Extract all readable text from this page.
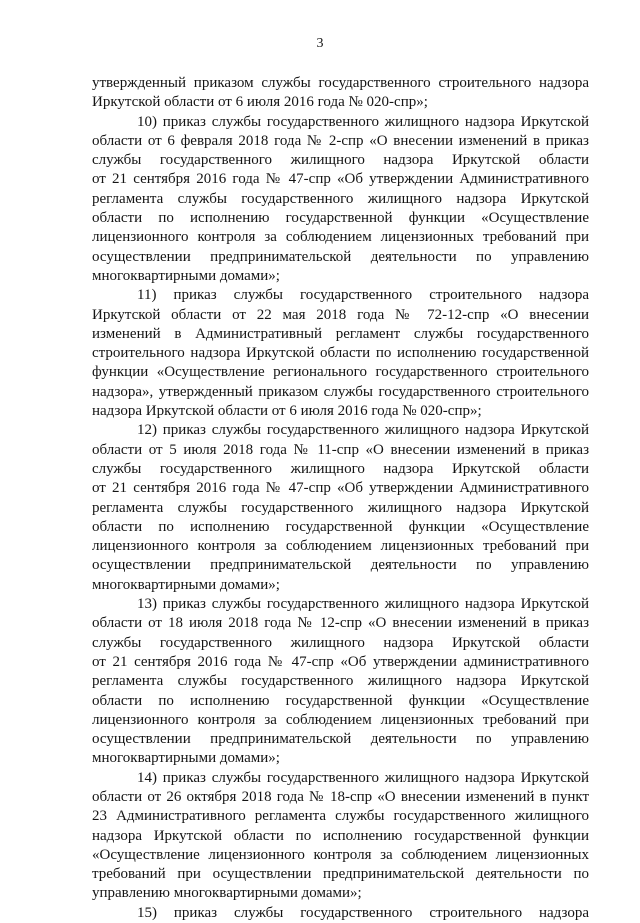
3

утвержденный приказом службы государственного строительного надзора
Иркутской области от 6 июля 2016 года № 020-спр»;

10) приказ службы государственного жилищного надзора Иркутской
области от 6 февраля 2018 года № 2-спр «О внесении изменений в приказ
службы государственного жилищного надзора Иркутской области
от 21 сентября 2016 года № 47-спр «Об утверждении Административного
регламента службы государственного жилищного надзора Иркутской
области по исполнению государственной функции «Осуществление
лицензионного контроля за соблюдением лицензионных требований при
осуществлении предпринимательской деятельности по управлению
многоквартирными домами»;

11) приказ службы государственного строительного надзора
Иркутской области от 22 мая 2018 года № 72-12-спр «О внесении
изменений в Административный регламент службы государственного
строительного надзора Иркутской области по исполнению государственной
функции «Осуществление регионального государственного строительного
надзора», утвержденный приказом службы государственного строительного
надзора Иркутской области от 6 июля 2016 года № 020-спр»;

12) приказ службы государственного жилищного надзора Иркутской
области от 5 июля 2018 года № 11-спр «О внесении изменений в приказ
службы государственного жилищного надзора Иркутской области
от 21 сентября 2016 года № 47-спр «Об утверждении Административного
регламента службы государственного жилищного надзора Иркутской
области по исполнению государственной функции «Осуществление
лицензионного контроля за соблюдением лицензионных требований при
осуществлении предпринимательской деятельности по управлению
многоквартирными домами»;

13) приказ службы государственного жилищного надзора Иркутской
области от 18 июля 2018 года № 12-спр «О внесении изменений в приказ
службы государственного жилищного надзора Иркутской области
от 21 сентября 2016 года № 47-спр «Об утверждении административного
регламента службы государственного жилищного надзора Иркутской
области по исполнению государственной функции «Осуществление
лицензионного контроля за соблюдением лицензионных требований при
осуществлении предпринимательской деятельности по управлению
многоквартирными домами»;

14) приказ службы государственного жилищного надзора Иркутской
области от 26 октября 2018 года № 18-спр «О внесении изменений в пункт
23 Административного регламента службы государственного жилищного
надзора Иркутской области по исполнению государственной функции
«Осуществление лицензионного контроля за соблюдением лицензионных
требований при осуществлении предпринимательской деятельности по
управлению многоквартирными домами»;

15) приказ службы государственного строительного надзора
